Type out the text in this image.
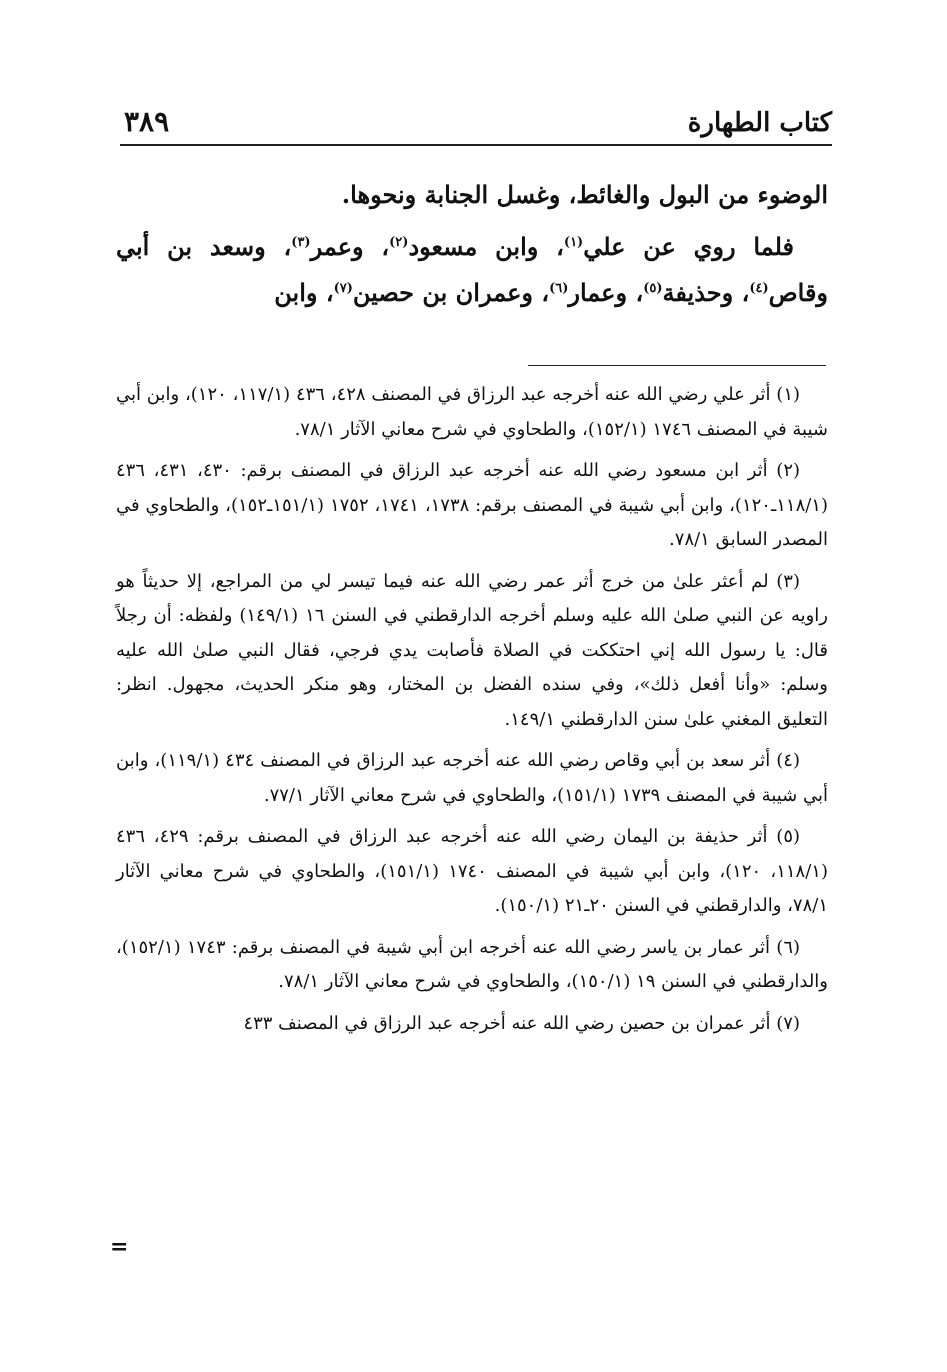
كتاب الطهارة
٣٨٩

الوضوء من البول والغائط، وغسل الجنابة ونحوها.

فلما روي عن علي$^{(١)}$، وابن مسعود$^{(٢)}$، وعمر$^{(٣)}$، وسعد بن أبي وقاص$^{(٤)}$، وحذيفة$^{(٥)}$، وعمار$^{(٦)}$، وعمران بن حصين$^{(٧)}$، وابن

(١) أثر علي رضي الله عنه أخرجه عبد الرزاق في المصنف ٤٢٨، ٤٣٦ (١١٧/١، ١٢٠)، وابن أبي شيبة في المصنف ١٧٤٦ (١٥٢/١)، والطحاوي في شرح معاني الآثار ٧٨/١.

(٢) أثر ابن مسعود رضي الله عنه أخرجه عبد الرزاق في المصنف برقم: ٤٣٠، ٤٣١، ٤٣٦ (١١٨/١ـ١٢٠)، وابن أبي شيبة في المصنف برقم: ١٧٣٨، ١٧٤١، ١٧٥٢ (١٥١/١ـ١٥٢)، والطحاوي في المصدر السابق ٧٨/١.

(٣) لم أعثر علىٰ من خرج أثر عمر رضي الله عنه فيما تيسر لي من المراجع، إلا حديثاً هو راويه عن النبي صلىٰ الله عليه وسلم أخرجه الدارقطني في السنن ١٦ (١٤٩/١) ولفظه: أن رجلاً قال: يا رسول الله إني احتككت في الصلاة فأصابت يدي فرجي، فقال النبي صلىٰ الله عليه وسلم: «وأنا أفعل ذلك»، وفي سنده الفضل بن المختار، وهو منكر الحديث، مجهول. انظر: التعليق المغني علىٰ سنن الدارقطني ١٤٩/١.

(٤) أثر سعد بن أبي وقاص رضي الله عنه أخرجه عبد الرزاق في المصنف ٤٣٤ (١١٩/١)، وابن أبي شيبة في المصنف ١٧٣٩ (١٥١/١)، والطحاوي في شرح معاني الآثار ٧٧/١.

(٥) أثر حذيفة بن اليمان رضي الله عنه أخرجه عبد الرزاق في المصنف برقم: ٤٢٩، ٤٣٦ (١١٨/١، ١٢٠)، وابن أبي شيبة في المصنف ١٧٤٠ (١٥١/١)، والطحاوي في شرح معاني الآثار ٧٨/١، والدارقطني في السنن ٢٠ـ٢١ (١٥٠/١).

(٦) أثر عمار بن ياسر رضي الله عنه أخرجه ابن أبي شيبة في المصنف برقم: ١٧٤٣ (١٥٢/١)، والدارقطني في السنن ١٩ (١٥٠/١)، والطحاوي في شرح معاني الآثار ٧٨/١.

(٧) أثر عمران بن حصين رضي الله عنه أخرجه عبد الرزاق في المصنف ٤٣٣

=
